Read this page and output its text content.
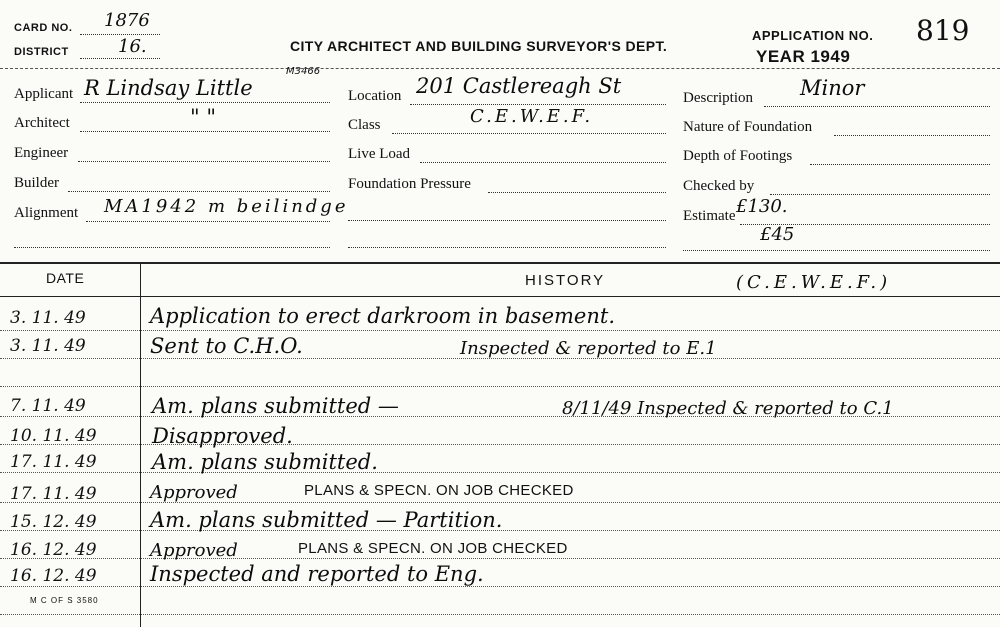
CARD NO. 1876
DISTRICT	16.	CITY ARCHITECT AND BUILDING SURVEYOR'S DEPT.
APPLICATION NO. 819
YEAR 1949
Applicant R Lindsay Little
M3466
Architect	" "
Engineer
Builder
Alignment MA1942 m beilindge
Location 201 Castlereagh St
Class	C.E.W.E.F.
Live Load
Foundation Pressure
Description Minor
Nature of Foundation
Depth of Footings
Checked by
Estimate £130.
£45
DATE	HISTORY	(C.E.W.E.F.)
3. 11. 49	Application to erect darkroom in basement.
3. 11. 49	Sent to C.H.O.	Inspected & reported to E.1
7. 11. 49	Am. plans submitted —	8/11/49 Inspected & reported to C.1
10. 11. 49	Disapproved.
17. 11. 49	Am. plans submitted.
17. 11. 49	Approved	PLANS & SPECN. ON JOB CHECKED
15. 12. 49	Am. plans submitted — Partition.
16. 12. 49	Approved	PLANS & SPECN. ON JOB CHECKED
16. 12. 49	Inspected and reported to Eng.
M C OF S 3580
